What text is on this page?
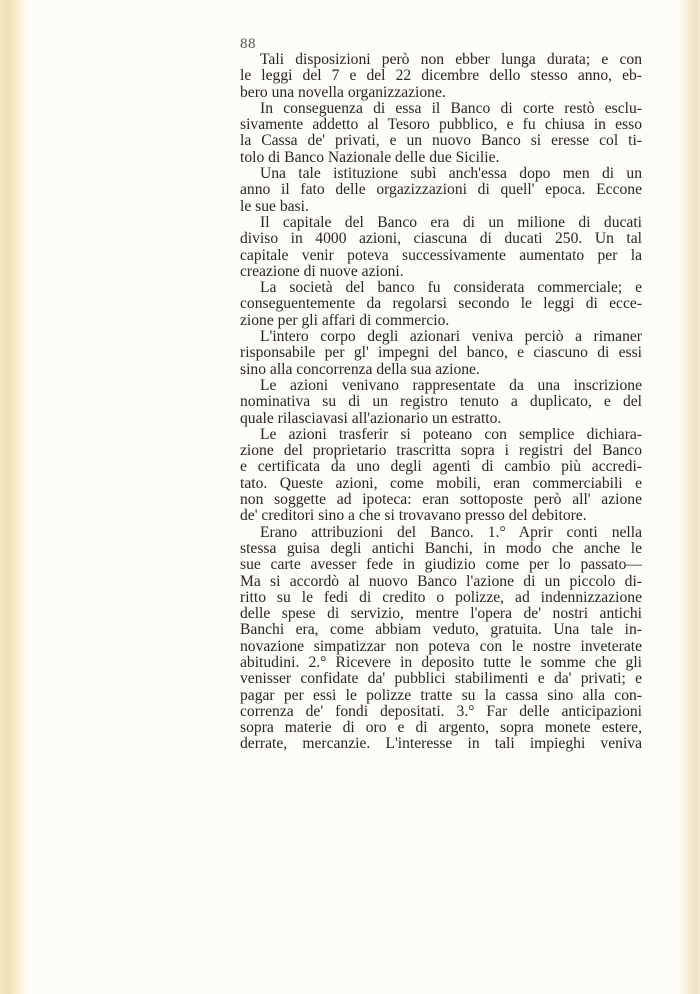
88
Tali disposizioni però non ebber lunga durata; e con
le leggi del 7 e del 22 dicembre dello stesso anno, eb-
bero una novella organizzazione.
In conseguenza di essa il Banco di corte restò esclu-
sivamente addetto al Tesoro pubblico, e fu chiusa in esso
la Cassa de' privati, e un nuovo Banco si eresse col ti-
tolo di Banco Nazionale delle due Sicilie.
Una tale istituzione subì anch'essa dopo men di un
anno il fato delle orgazizzazioni di quell' epoca. Eccone
le sue basi.
Il capitale del Banco era di un milione di ducati
diviso in 4000 azioni, ciascuna di ducati 250. Un tal
capitale venir poteva successivamente aumentato per la
creazione di nuove azioni.
La società del banco fu considerata commerciale; e
conseguentemente da regolarsi secondo le leggi di ecce-
zione per gli affari di commercio.
L'intero corpo degli azionari veniva perciò a rimaner
risponsabile per gl' impegni del banco, e ciascuno di essi
sino alla concorrenza della sua azione.
Le azioni venivano rappresentate da una inscrizione
nominativa su di un registro tenuto a duplicato, e del
quale rilasciavasi all'azionario un estratto.
Le azioni trasferir si poteano con semplice dichiara-
zione del proprietario trascritta sopra i registri del Banco
e certificata da uno degli agenti di cambio più accredi-
tato. Queste azioni, come mobili, eran commerciabili e
non soggette ad ipoteca: eran sottoposte però all' azione
de' creditori sino a che si trovavano presso del debitore.
Erano attribuzioni del Banco. 1.° Aprir conti nella
stessa guisa degli antichi Banchi, in modo che anche le
sue carte avesser fede in giudizio come per lo passato—
Ma si accordò al nuovo Banco l'azione di un piccolo di-
ritto su le fedi di credito o polizze, ad indennizzazione
delle spese di servizio, mentre l'opera de' nostri antichi
Banchi era, come abbiam veduto, gratuita. Una tale in-
novazione simpatizzar non poteva con le nostre inveterate
abitudini. 2.° Ricevere in deposito tutte le somme che gli
venisser confidate da' pubblici stabilimenti e da' privati; e
pagar per essi le polizze tratte su la cassa sino alla con-
correnza de' fondi depositati. 3.° Far delle anticipazioni
sopra materie di oro e di argento, sopra monete estere,
derrate, mercanzie. L'interesse in tali impieghi veniva
